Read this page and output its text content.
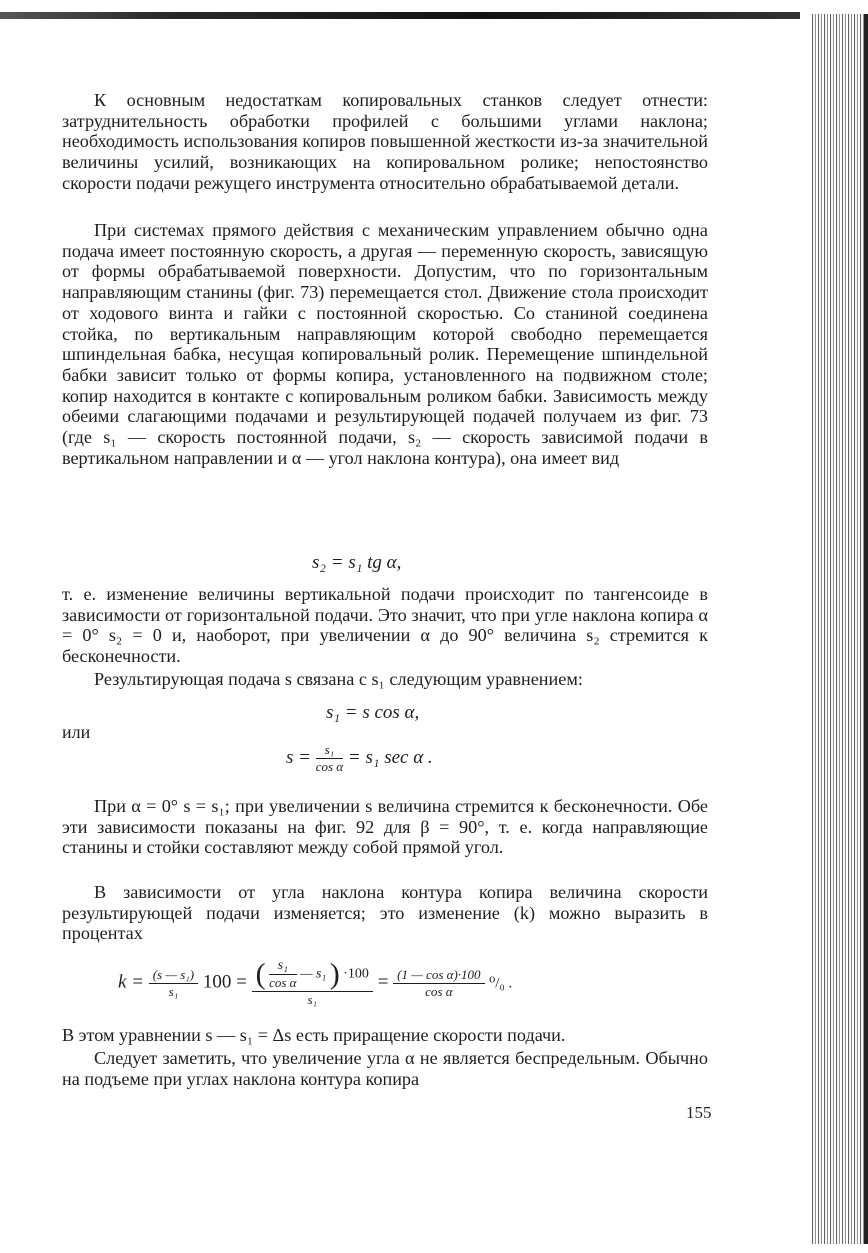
К основным недостаткам копировальных станков следует отнести: затруднительность обработки профилей с большими углами наклона; необходимость использования копиров повышенной жесткости из-за значительной величины усилий, возникающих на копировальном ролике; непостоянство скорости подачи режущего инструмента относительно обрабатываемой детали.

При системах прямого действия с механическим управлением обычно одна подача имеет постоянную скорость, а другая — переменную скорость, зависящую от формы обрабатываемой поверхности. Допустим, что по горизонтальным направляющим станины (фиг. 73) перемещается стол. Движение стола происходит от ходового винта и гайки с постоянной скоростью. Со станиной соединена стойка, по вертикальным направляющим которой свободно перемещается шпиндельная бабка, несущая копировальный ролик. Перемещение шпиндельной бабки зависит только от формы копира, установленного на подвижном столе; копир находится в контакте с копировальным роликом бабки. Зависимость между обеими слагающими подачами и результирующей подачей получаем из фиг. 73 (где s₁ — скорость постоянной подачи, s₂ — скорость зависимой подачи в вертикальном направлении и α — угол наклона контура), она имеет вид

s₂ = s₁ tg α,

т. е. изменение величины вертикальной подачи происходит по тангенсоиде в зависимости от горизонтальной подачи. Это значит, что при угле наклона копира α = 0° s₂ = 0 и, наоборот, при увеличении α до 90° величина s₂ стремится к бесконечности.

Результирующая подача s связана с s₁ следующим уравнением:

s₁ = s cos α,
или
$s = \frac{\text{s₁}}{\text{cos α}} = s_1$ sec α .

При α = 0° s = s₁; при увеличении s величина стремится к бесконечности. Обе эти зависимости показаны на фиг. 92 для β = 90°, т. е. когда направляющие станины и стойки составляют между собой прямой угол.

В зависимости от угла наклона контура копира величина скорости результирующей подачи изменяется; это изменение (k) можно выразить в процентах

$k = \frac{\text{(s — s₁)}}{\text{s₁}} 100$ = ( $\frac{\text{s₁}}{\text{cos α}}$ — s₁ ) ·100
s₁
= $\frac{\text{(1 — cos α)·100}}{\text{cos α}} ^0/_0$ .

В этом уравнении s — s₁ = Δs есть приращение скорости подачи.

Следует заметить, что увеличение угла α не является беспредельным. Обычно на подъеме при углах наклона контура копира

155
